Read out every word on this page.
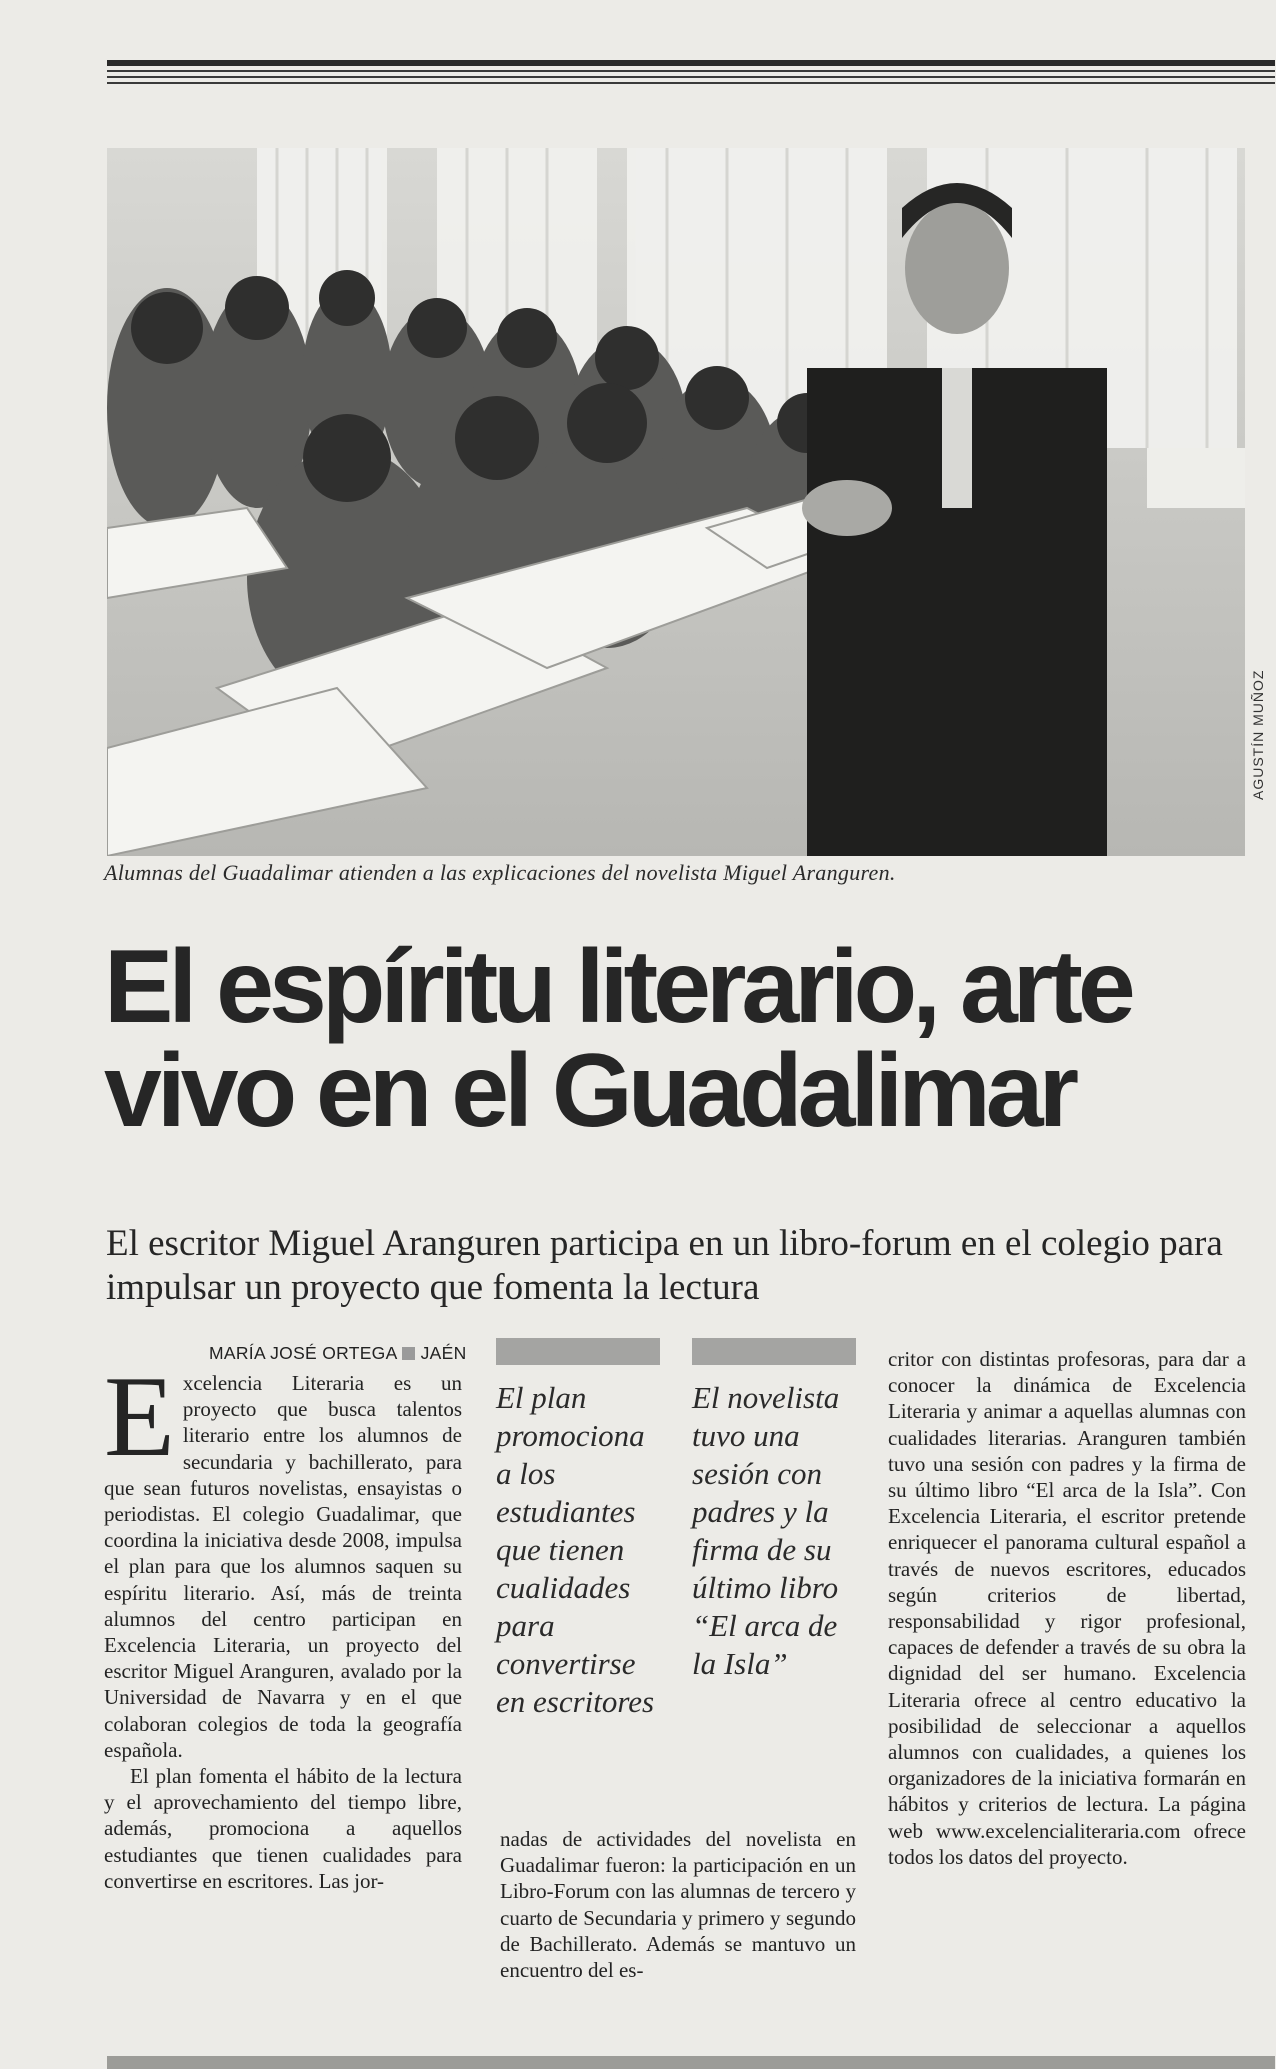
AGUSTÍN MUÑOZ
Alumnas del Guadalimar atienden a las explicaciones del novelista Miguel Aranguren.
El espíritu literario, arte
vivo en el Guadalimar

El escritor Miguel Aranguren participa en un libro-forum en el colegio para impulsar un proyecto que fomenta la lectura

MARÍA JOSÉ ORTEGA JAÉN

Excelencia Literaria es un proyecto que busca talentos literario entre los alumnos de secundaria y bachillerato, para que sean futuros novelistas, ensayistas o periodistas. El colegio Guadalimar, que coordina la iniciativa desde 2008, impulsa el plan para que los alumnos saquen su espíritu literario. Así, más de treinta alumnos del centro participan en Excelencia Literaria, un proyecto del escritor Miguel Aranguren, avalado por la Universidad de Navarra y en el que colaboran colegios de toda la geografía española.

El plan fomenta el hábito de la lectura y el aprovechamiento del tiempo libre, además, promociona a aquellos estudiantes que tienen cualidades para convertirse en escritores. Las jor-

El plan promociona a los estudiantes que tienen cualidades para convertirse en escritores
El novelista tuvo una sesión con padres y la firma de su último libro “El arca de la Isla”

nadas de actividades del novelista en Guadalimar fueron: la participación en un Libro-Forum con las alumnas de tercero y cuarto de Secundaria y primero y segundo de Bachillerato. Además se mantuvo un encuentro del es-

critor con distintas profesoras, para dar a conocer la dinámica de Excelencia Literaria y animar a aquellas alumnas con cualidades literarias. Aranguren también tuvo una sesión con padres y la firma de su último libro “El arca de la Isla”. Con Excelencia Literaria, el escritor pretende enriquecer el panorama cultural español a través de nuevos escritores, educados según criterios de libertad, responsabilidad y rigor profesional, capaces de defender a través de su obra la dignidad del ser humano. Excelencia Literaria ofrece al centro educativo la posibilidad de seleccionar a aquellos alumnos con cualidades, a quienes los organizadores de la iniciativa formarán en hábitos y criterios de lectura. La página web www.excelencialiteraria.com ofrece todos los datos del proyecto.
